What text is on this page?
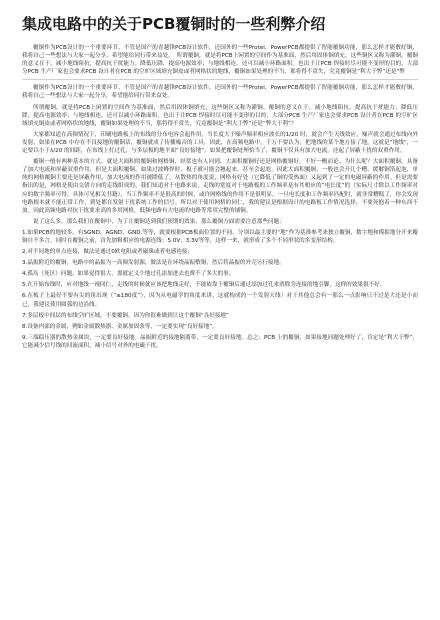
集成电路中的关于PCB覆铜时的一些利弊介绍

覆铜作为PCB设计的一个重要环节，不管是国产的青越锋PCB设计软件，还国外的一些Protel，PowerPCB都提供了智能覆铜功能，那么怎样才能敷好铜，我将自己一些想法与大家一起分享，希望能给同行带来益处。　所谓覆铜，就是将PCB上闲置的空间作为基准面，然后用固体铜填充，这些铜区又称为灌铜。覆铜的意义在于，减小地线阻抗，提高抗干扰能力；降低压降，提高电源效率；与地线相连，还可以减小环路面积。也出于让PCB 焊接时尽可能不变形的目的，大部分PCB 生产厂家也会要求PCB 设计者在PCB 的空旷区域填充铜皮或者网格状的地线，覆铜如果处理的不当，那将得不赏失，究竟覆铜是“利大于弊”还是“弊

覆铜作为PCB设计的一个重要环节，不管是国产的青越锋PCB设计软件，还国外的一些Protel，PowerPCB都提供了智能覆铜功能，那么怎样才能敷好铜，我将自己一些想法与大家一起分享，希望能给同行带来益处。

所谓覆铜，就是将PCB上闲置的空间作为基准面，然后用固体铜填充，这些铜区又称为灌铜。覆铜的意义在于，减小地线阻抗，提高抗干扰能力；降低压降，提高电源效率；与地线相连，还可以减小环路面积。也出于让PCB 焊接时尽可能不变形的目的，大部分PCB 生产厂家也会要求PCB 设计者在PCB 的空旷区域填充铜皮或者网格状的地线，覆铜如果处理的不当，那将得不赏失，究竟覆铜是“利大于弊”还是“弊大于利”？

大家都知道在高频情况下，印刷电路板上的布线的分布电容会起作用，当长度大于噪声频率相应波长的1/20 时，就会产生天线效应，噪声就会通过布线向外发射，如果在PCB 中存在不良接地的覆铜话，覆铜就成了传播噪音的工具，因此，在高频电路中，千万不要认为，把地线的某个地方接了地，这就是“地线”，一定要以小于λ/20 的间距，在布线上打过孔，与多层板的地平面“良好接地”。如果把覆铜处理恰当了，覆铜不仅具有加大电流，还起了屏蔽干扰的双重作用。

覆铜一般有两种基本的方式，就是大面积的覆铜和网格铜，经常也有人问到，大面积覆铜好还是网格覆铜好，不好一概而论。为什么呢？大面积覆铜，具备了加大电流和屏蔽双重作用，但是大面积覆铜，如果过波峰焊时，板子就可能会翘起来，甚至会起泡。因此大面积覆铜，一般也会开几个槽，缓解铜箔起泡，单纯的网格覆铜主要还是屏蔽作用，加大电流的作用被降低了，从散热的角度说，网格有好处（它降低了铜的受热面）又起到了一定的电磁屏蔽的作用。但是需要指出的是，网格是使由交错方向的走线组成的，我们知道对于电路来说，走线的宽度对于电路板的工作频率是有其相应的“电长度”的（实际尺寸除以工作频率对应的数字频率可得，具体可见相关书籍），当工作频率不是很高的时候，或许网格线的作用不是很明显，一旦电长度和工作频率匹配时，就非常糟糕了，你会发现电路根本就不能正常工作，到处都在发射干扰系统工作的信号。所以对于使用网格的同仁，我的建议是根据设计的电路板工作情况选择，不要死抱着一种东西不放。因此高频电路对抗干扰要求高的多用网格，低频电路有大电流的电路等常用完整的铺铜。

说了这么多，那么我们在覆铜中，为了让覆铜达到我们预期的效果，那么覆铜方面需要注意那些问题：

1.如果PCB的地较多，有SGND、AGND、GND,等等，就要根据PCB板面位置的不同，分别以最主要的“地”作为基准参考来独立覆铜，数字地和模拟地分开来覆铜自不多言，同时在覆铜之前，首先加粗相应的电源连线：5.0V、3.3V等等，这样一来，就形成了多个不同形状的多变形结构。

2.对不同地的单点连接，做法是通过0欧电阻或者磁珠或者电感连接；

3.晶振附近的覆铜，电路中的晶振为一高频发射源，做法是在环绕晶振敷铜，然后将晶振的外壳另行接地。

4.孤岛（死区）问题，如果觉得很大，那就定义个地过孔添加进去也费不了多大的事。

5.在开始布线时，应对地线一视同仁，走线的时候就应该把地线走好，不能依靠于覆铜后通过添加过孔来消除为连接的地引脚，这样的效果很不好。

6.在板子上最好不要有尖的角出现（“≤180度”），因为从电磁学的角度来讲，这就构成的一个发射天线！对于其他总会有一那么一点影响只不过是大还是小而已，我建议使用圆弧的边沿线。

7.多层板中间层的布线空旷区域，不要覆铜。因为你很难做到让这个覆铜“良好接地”

8.设备内部的金属，例如金属散热器、金属加固条等，一定要实现“良好接地”。

9.三端稳压器的散热金属块，一定要良好接地。晶振附近的接地隔离带，一定要良好接地。总之：PCB 上的覆铜，如果接地问题处理好了，肯定是“利大于弊”，它能减少信号线的回流面积，减小信号对外的电磁干扰。
